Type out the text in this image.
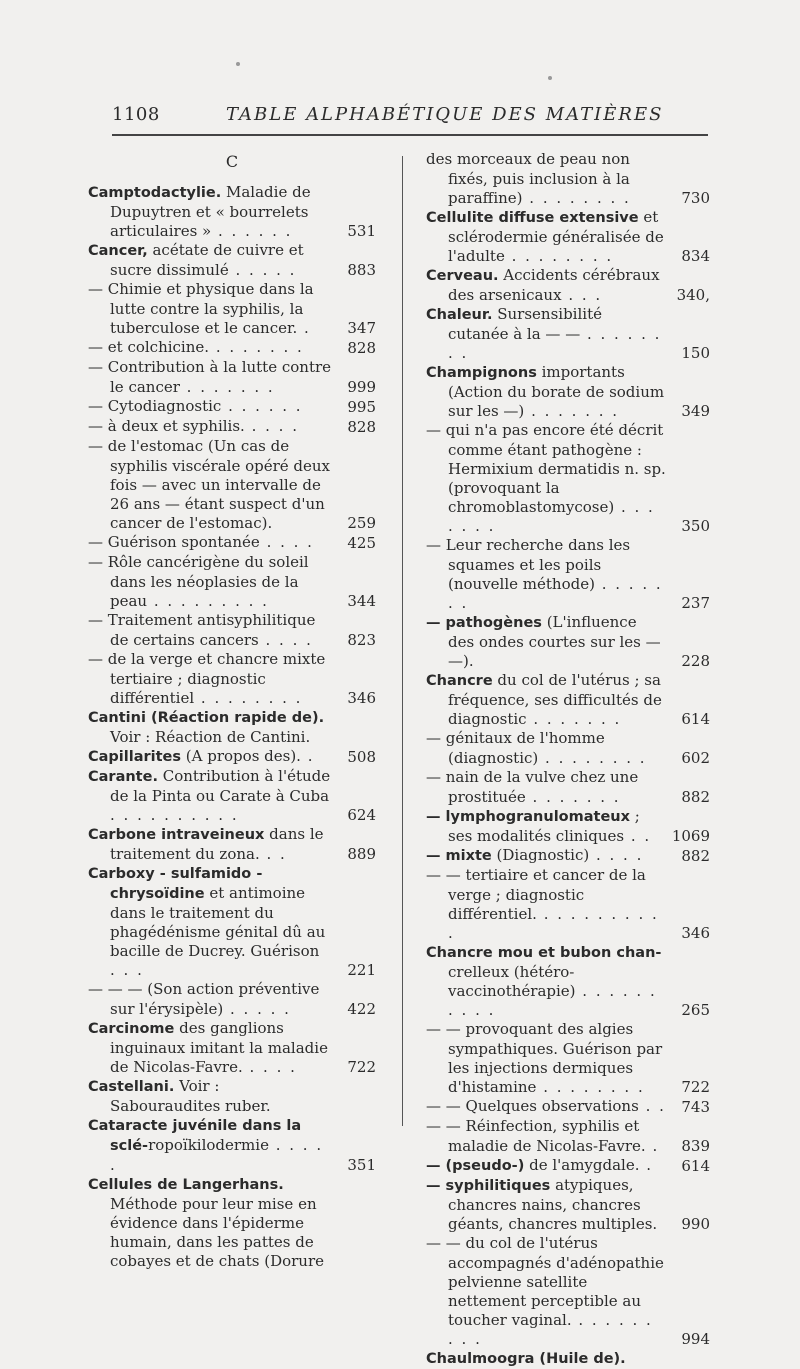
1108	TABLE ALPHABÉTIQUE DES MATIÈRES
C
Camptodactylie. Maladie de Dupuytren et « bourrelets articulaires » . . . . . .	531
Cancer, acétate de cuivre et sucre dissimulé . . . . .	883
— Chimie et physique dans la lutte contre la syphilis, la tuberculose et le cancer. .	347
— et colchicine. . . . . . . .	828
— Contribution à la lutte contre le cancer . . . . . . .	999
— Cytodiagnostic . . . . . .	995
— à deux et syphilis. . . . .	828
— de l'estomac (Un cas de syphilis viscérale opéré deux fois — avec un intervalle de 26 ans — étant suspect d'un cancer de l'estomac).	259
— Guérison spontanée . . . .	425
— Rôle cancérigène du soleil dans les néoplasies de la peau . . . . . . . . .	344
— Traitement antisyphilitique de certains cancers . . . .	823
— de la verge et chancre mixte tertiaire ; diagnostic différentiel . . . . . . . .	346
Cantini (Réaction rapide de). Voir : Réaction de Cantini.
Capillarites (A propos des). .	508
Carante. Contribution à l'étude de la Pinta ou Carate à Cuba . . . . . . . . . .	624
Carbone intraveineux dans le traitement du zona. . .	889
Carboxy - sulfamido - chrysoïdine et antimoine dans le traitement du phagédénisme génital dû au bacille de Ducrey. Guérison . . .	221
— — — (Son action préventive sur l'érysipèle) . . . . .	422
Carcinome des ganglions inguinaux imitant la maladie de Nicolas-Favre. . . . .	722
Castellani. Voir : Sabouraudites ruber.
Cataracte juvénile dans la sclé-ropoïkilodermie . . . . .	351
Cellules de Langerhans. Méthode pour leur mise en évidence dans l'épiderme humain, dans les pattes de cobayes et de chats (Dorure
des morceaux de peau non fixés, puis inclusion à la paraffine) . . . . . . . .	730
Cellulite diffuse extensive et sclérodermie généralisée de l'adulte . . . . . . . .	834
Cerveau. Accidents cérébraux des arsenicaux . . .	340,
Chaleur. Sursensibilité cutanée à la — — . . . . . . . .	150
Champignons importants (Action du borate de sodium sur les —) . . . . . . .	349
— qui n'a pas encore été décrit comme étant pathogène : Hermixium dermatidis n. sp. (provoquant la chromoblastomycose) . . . . . . .	350
— Leur recherche dans les squames et les poils (nouvelle méthode) . . . . . . .	237
— pathogènes (L'influence des ondes courtes sur les — —).	228
Chancre du col de l'utérus ; sa fréquence, ses difficultés de diagnostic . . . . . . .	614
— génitaux de l'homme (diagnostic) . . . . . . . .	602
— nain de la vulve chez une prostituée . . . . . . .	882
— lymphogranulomateux ; ses modalités cliniques . .	1069
— mixte (Diagnostic) . . . .	882
— — tertiaire et cancer de la verge ; diagnostic différentiel. . . . . . . . . . .	346
Chancre mou et bubon chan-crelleux (hétéro-vaccinothérapie) . . . . . . . . . .	265
— — provoquant des algies sympathiques. Guérison par les injections dermiques d'histamine . . . . . . . .	722
— — Quelques observations . .	743
— — Réinfection, syphilis et maladie de Nicolas-Favre. .	839
— (pseudo-) de l'amygdale. .	614
— syphilitiques atypiques, chancres nains, chancres géants, chancres multiples.	990
— — du col de l'utérus accompagnés d'adénopathie pelvienne satellite nettement perceptible au toucher vaginal. . . . . . . . . .	994
Chaulmoogra (Huile de).
